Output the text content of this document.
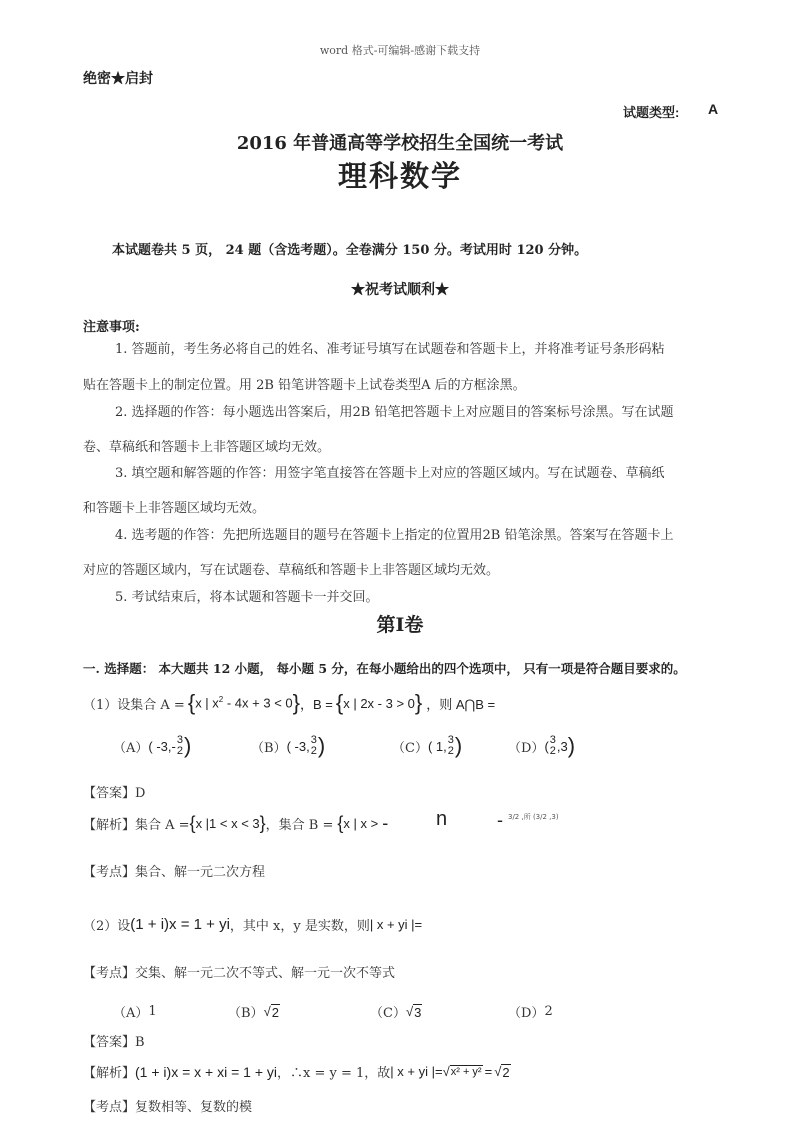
word 格式-可编辑-感谢下载支持
绝密★启封
试题类型: A
2016 年普通高等学校招生全国统一考试
理科数学
本试题卷共 5 页， 24 题（含选考题）。全卷满分 150 分。考试用时 120 分钟。
★祝考试顺利★
注意事项:
1. 答题前，考生务必将自己的姓名、准考证号填写在试题卷和答题卡上，并将准考证号条形码粘
贴在答题卡上的制定位置。用 2B 铅笔讲答题卡上试卷类型A 后的方框涂黑。
2. 选择题的作答：每小题选出答案后，用2B 铅笔把答题卡上对应题目的答案标号涂黑。写在试题
卷、草稿纸和答题卡上非答题区域均无效。
3. 填空题和解答题的作答：用签字笔直接答在答题卡上对应的答题区域内。写在试题卷、草稿纸
和答题卡上非答题区域均无效。
4. 选考题的作答：先把所选题目的题号在答题卡上指定的位置用2B 铅笔涂黑。答案写在答题卡上
对应的答题区域内，写在试题卷、草稿纸和答题卡上非答题区域均无效。
5. 考试结束后，将本试题和答题卡一并交回。
第Ⅰ卷
一. 选择题： 本大题共 12 小题， 每小题 5 分，在每小题给出的四个选项中， 只有一项是符合题目要求的。
（1）设集合 A = { x | $x^2 - 4x + 3 < 0$ } ，B = { x | 2x - 3 > 0 } ，则 A⋂B =
（A） ( -3,- 3
2 )	（B） ( -3, 3
2 )	（C） ( 1, 3
2 )	（D） ( 3
2 ,3 )
【答案】D
【解析】集合 A = { x |1 < x < 3 } ，集合 B = { x | x > - n	- 3/2 ,所 (3/2 ,3)
【考点】集合、解一元二次方程
（2）设 (1 + i)x = 1 + yi ，其中 x，y 是实数，则 | x + yi |=
【考点】交集、解一元二次不等式、解一元一次不等式
（A） 1	（B） √ 2	（C） √ 3	（D） 2
【答案】B
【解析】 (1 + i)x = x + xi = 1 + yi ，∴x = y = 1，故 | x + yi |= √ x² + y² = √ 2
【考点】复数相等、复数的模
